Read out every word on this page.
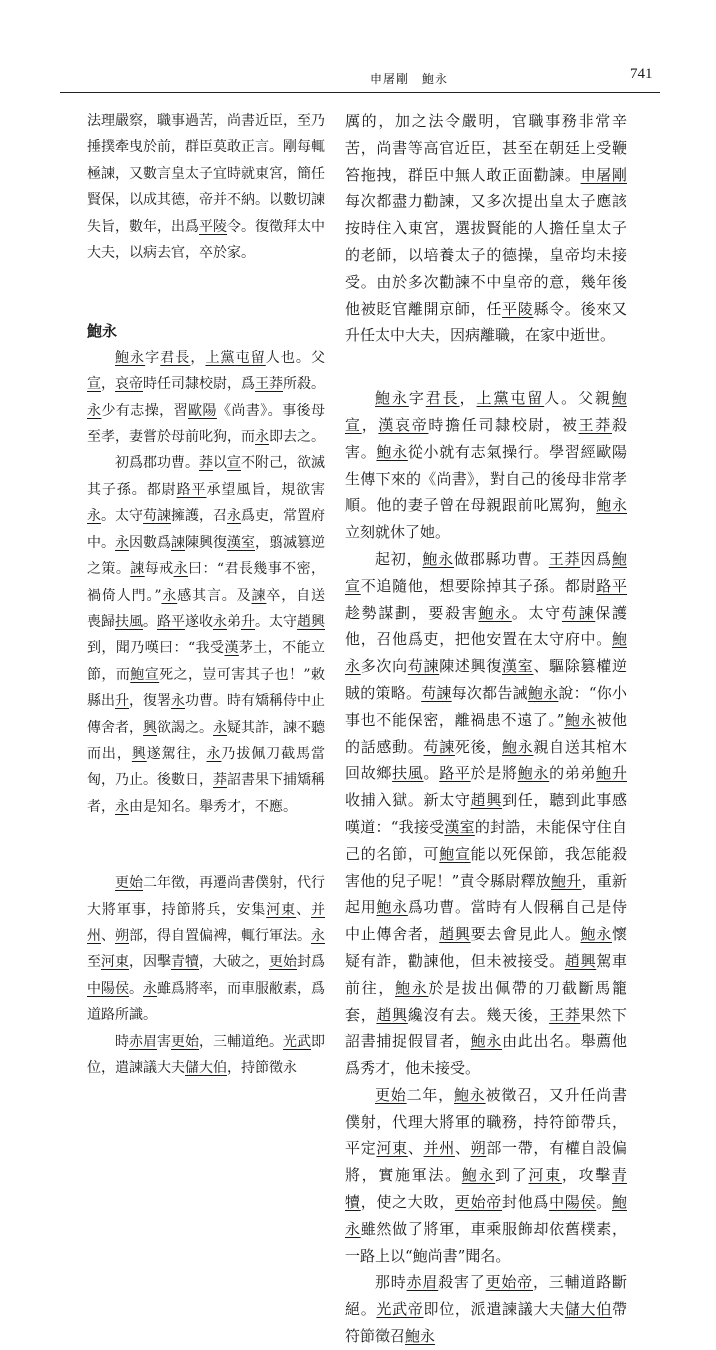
申屠剛　鮑永	741

法理嚴察，職事過苦，尚書近臣，至乃捶撲牽曳於前，群臣莫敢正言。剛每輒極諫，又數言皇太子宜時就東宮，簡任賢保，以成其德，帝并不納。以數切諫失旨，數年，出爲平陵令。復徵拜太中大夫，以病去官，卒於家。

鮑永

鮑永字君長，上黨屯留人也。父宣，哀帝時任司隸校尉，爲王莽所殺。永少有志操，習歐陽《尚書》。事後母至孝，妻嘗於母前叱狗，而永即去之。

初爲郡功曹。莽以宣不附己，欲滅其子孫。都尉路平承望風旨，規欲害永。太守苟諫擁護，召永爲吏，常置府中。永因數爲諫陳興復漢室，翦滅篡逆之策。諫每戒永曰：“君長幾事不密，禍倚人門。”永感其言。及諫卒，自送喪歸扶風。路平遂收永弟升。太守趙興到，聞乃嘆曰：“我受漢茅土，不能立節，而鮑宣死之，豈可害其子也！”敕縣出升，復署永功曹。時有矯稱侍中止傳舍者，興欲謁之。永疑其詐，諫不聽而出，興遂駕往，永乃拔佩刀截馬當匈，乃止。後數日，莽詔書果下捕矯稱者，永由是知名。舉秀才，不應。

更始二年徵，再遷尚書僕射，代行大將軍事，持節將兵，安集河東、并州、朔部，得自置偏裨，輒行軍法。永至河東，因擊青犢，大破之，更始封爲中陽侯。永雖爲將率，而車服敝素，爲道路所識。

時赤眉害更始，三輔道绝。光武即位，遣諫議大夫儲大伯，持節徵永

厲的，加之法令嚴明，官職事務非常辛苦，尚書等高官近臣，甚至在朝廷上受鞭笞拖拽，群臣中無人敢正面勸諫。申屠剛每次都盡力勸諫，又多次提出皇太子應該按時住入東宮，選拔賢能的人擔任皇太子的老師，以培養太子的德操，皇帝均未接受。由於多次勸諫不中皇帝的意，幾年後他被貶官離開京師，任平陵縣令。後來又升任太中大夫，因病離職，在家中逝世。

鮑永字君長，上黨屯留人。父親鮑宣，漢哀帝時擔任司隸校尉，被王莽殺害。鮑永從小就有志氣操行。學習經歐陽生傳下來的《尚書》，對自己的後母非常孝順。他的妻子曾在母親跟前叱罵狗，鮑永立刻就休了她。

起初，鮑永做郡縣功曹。王莽因爲鮑宣不追隨他，想要除掉其子孫。都尉路平趁勢謀劃，要殺害鮑永。太守苟諫保護他，召他爲吏，把他安置在太守府中。鮑永多次向苟諫陳述興復漢室、驅除篡權逆賊的策略。苟諫每次都告誡鮑永說：“你小事也不能保密，離禍患不遠了。”鮑永被他的話感動。苟諫死後，鮑永親自送其棺木回故鄉扶風。路平於是將鮑永的弟弟鮑升收捕入獄。新太守趙興到任，聽到此事感嘆道：“我接受漢室的封誥，未能保守住自己的名節，可鮑宣能以死保節，我怎能殺害他的兒子呢！”責令縣尉釋放鮑升，重新起用鮑永爲功曹。當時有人假稱自己是侍中止傳舍者，趙興要去會見此人。鮑永懷疑有詐，勸諫他，但未被接受。趙興駕車前往，鮑永於是拔出佩帶的刀截斷馬籠套，趙興纔沒有去。幾天後，王莽果然下詔書捕捉假冒者，鮑永由此出名。舉薦他爲秀才，他未接受。

更始二年，鮑永被徵召，又升任尚書僕射，代理大將軍的職務，持符節帶兵，平定河東、并州、朔部一帶，有權自設偏將，實施軍法。鮑永到了河東，攻擊青犢，使之大敗，更始帝封他爲中陽侯。鮑永雖然做了將軍，車乘服飾却依舊樸素，一路上以“鮑尚書”聞名。

那時赤眉殺害了更始帝，三輔道路斷絕。光武帝即位，派遣諫議大夫儲大伯帶符節徵召鮑永
